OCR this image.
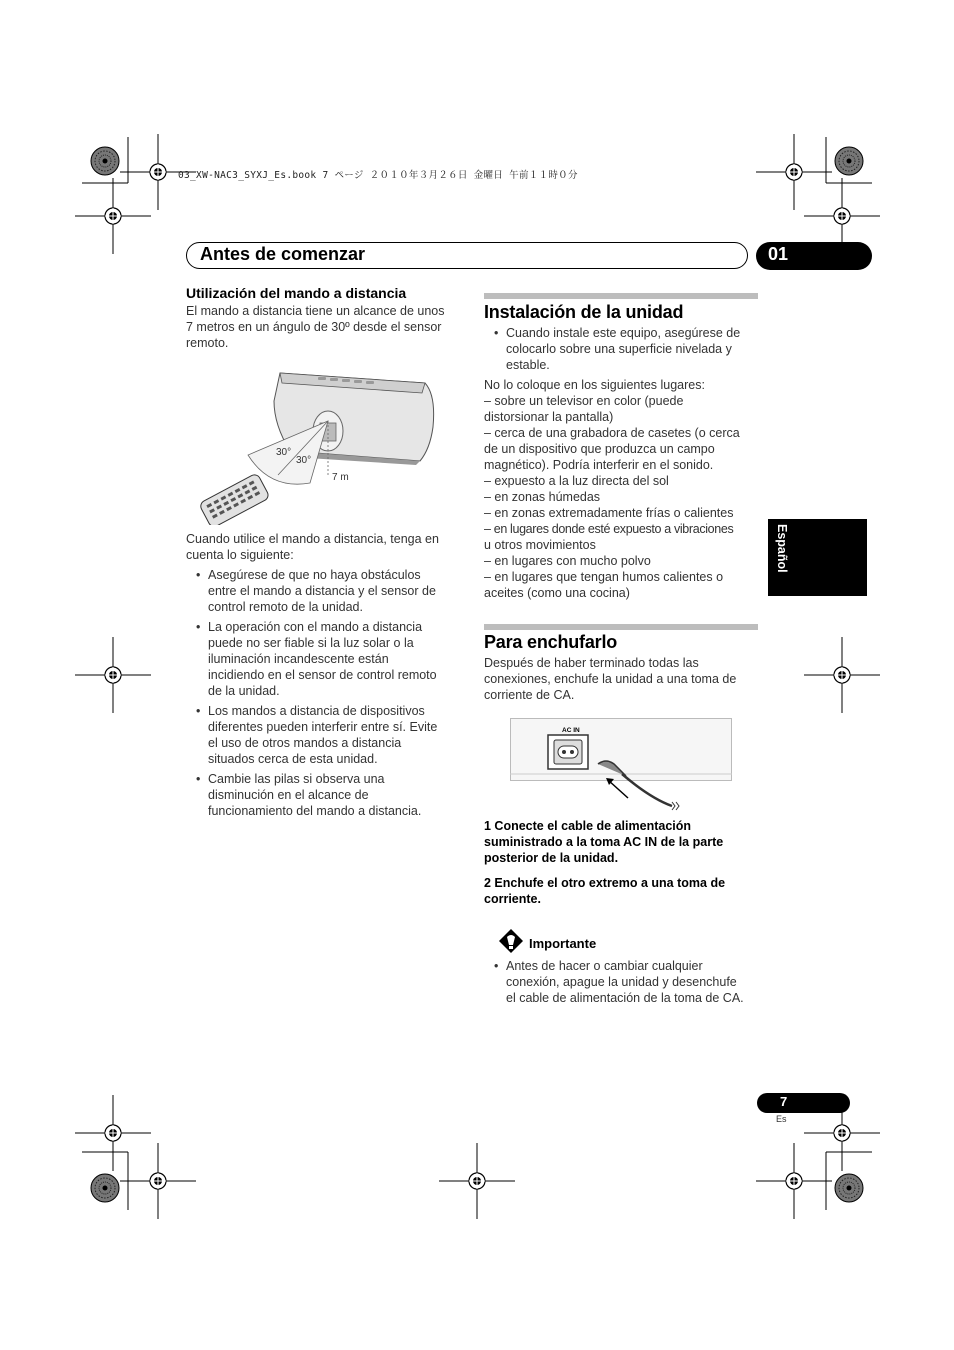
03_XW-NAC3_SYXJ_Es.book 7 ページ ２０１０年３月２６日 金曜日 午前１１時０分
Antes de comenzar	01
Español
Utilización del mando a distancia
El mando a distancia tiene un alcance de unos
7 metros en un ángulo de 30º desde el sensor
remoto.
30°
30°
7 m
Cuando utilice el mando a distancia, tenga en
cuenta lo siguiente:
• Asegúrese de que no haya obstáculos
entre el mando a distancia y el sensor de
control remoto de la unidad.
• La operación con el mando a distancia
puede no ser fiable si la luz solar o la
iluminación incandescente están
incidiendo en el sensor de control remoto
de la unidad.
• Los mandos a distancia de dispositivos
diferentes pueden interferir entre sí. Evite
el uso de otros mandos a distancia
situados cerca de esta unidad.
• Cambie las pilas si observa una
disminución en el alcance de
funcionamiento del mando a distancia.
Instalación de la unidad
• Cuando instale este equipo, asegúrese de
colocarlo sobre una superficie nivelada y
estable.
No lo coloque en los siguientes lugares:
– sobre un televisor en color (puede
distorsionar la pantalla)
– cerca de una grabadora de casetes (o cerca
de un dispositivo que produzca un campo
magnético). Podría interferir en el sonido.
– expuesto a la luz directa del sol
– en zonas húmedas
– en zonas extremadamente frías o calientes
– en lugares donde esté expuesto a vibraciones
u otros movimientos
– en lugares con mucho polvo
– en lugares que tengan humos calientes o
aceites (como una cocina)
Para enchufarlo
Después de haber terminado todas las
conexiones, enchufe la unidad a una toma de
corriente de CA.
AC IN
1 Conecte el cable de alimentación
suministrado a la toma AC IN de la parte
posterior de la unidad.
2 Enchufe el otro extremo a una toma de
corriente.
Importante
• Antes de hacer o cambiar cualquier
conexión, apague la unidad y desenchufe
el cable de alimentación de la toma de CA.
7
Es
